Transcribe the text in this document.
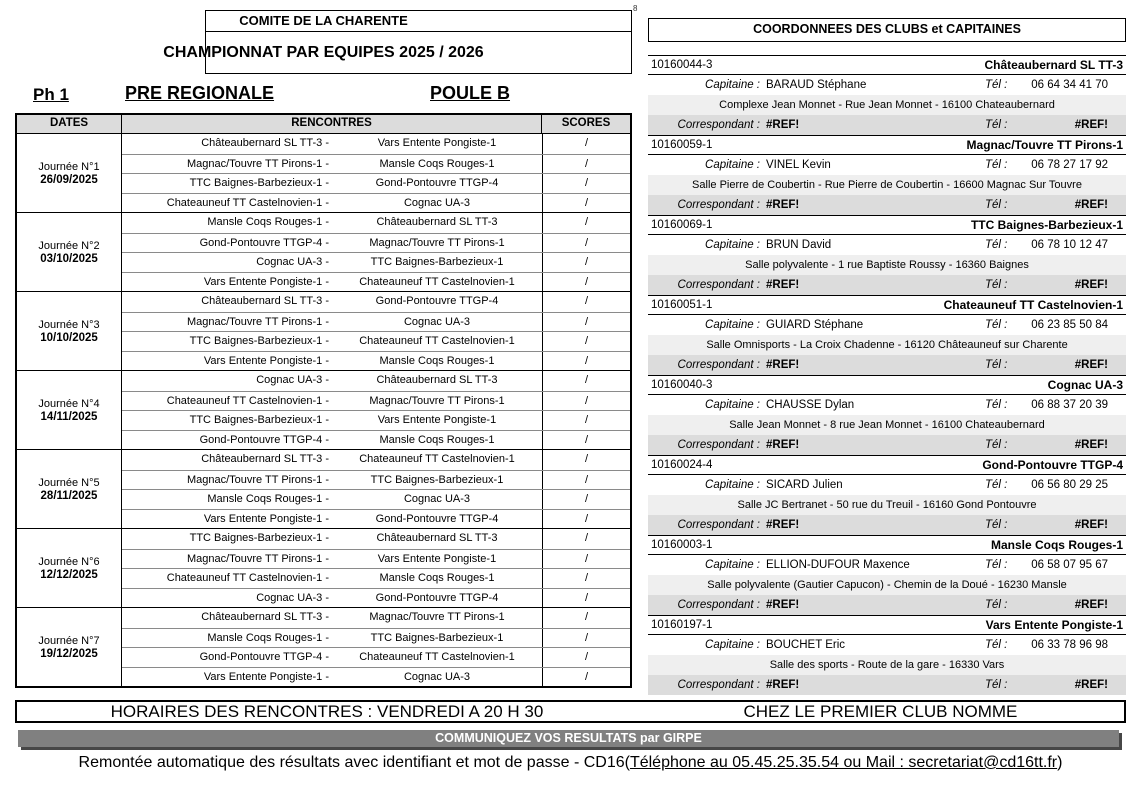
8
COMITE DE LA CHARENTE
CHAMPIONNAT PAR EQUIPES 2025 / 2026
Ph 1	PRE REGIONALE	POULE B
DATES	RENCONTRES	SCORES
Journée N°1
26/09/2025
Châteaubernard SL TT-3 -	Vars Entente Pongiste-1	/
Magnac/Touvre TT Pirons-1 -	Mansle Coqs Rouges-1	/
TTC Baignes-Barbezieux-1 -	Gond-Pontouvre TTGP-4	/
Chateauneuf TT Castelnovien-1 -	Cognac UA-3	/
Journée N°2
03/10/2025
Mansle Coqs Rouges-1 -	Châteaubernard SL TT-3	/
Gond-Pontouvre TTGP-4 -	Magnac/Touvre TT Pirons-1	/
Cognac UA-3 -	TTC Baignes-Barbezieux-1	/
Vars Entente Pongiste-1 -	Chateauneuf TT Castelnovien-1	/
Journée N°3
10/10/2025
Châteaubernard SL TT-3 -	Gond-Pontouvre TTGP-4	/
Magnac/Touvre TT Pirons-1 -	Cognac UA-3	/
TTC Baignes-Barbezieux-1 -	Chateauneuf TT Castelnovien-1	/
Vars Entente Pongiste-1 -	Mansle Coqs Rouges-1	/
Journée N°4
14/11/2025
Cognac UA-3 -	Châteaubernard SL TT-3	/
Chateauneuf TT Castelnovien-1 -	Magnac/Touvre TT Pirons-1	/
TTC Baignes-Barbezieux-1 -	Vars Entente Pongiste-1	/
Gond-Pontouvre TTGP-4 -	Mansle Coqs Rouges-1	/
Journée N°5
28/11/2025
Châteaubernard SL TT-3 -	Chateauneuf TT Castelnovien-1	/
Magnac/Touvre TT Pirons-1 -	TTC Baignes-Barbezieux-1	/
Mansle Coqs Rouges-1 -	Cognac UA-3	/
Vars Entente Pongiste-1 -	Gond-Pontouvre TTGP-4	/
Journée N°6
12/12/2025
TTC Baignes-Barbezieux-1 -	Châteaubernard SL TT-3	/
Magnac/Touvre TT Pirons-1 -	Vars Entente Pongiste-1	/
Chateauneuf TT Castelnovien-1 -	Mansle Coqs Rouges-1	/
Cognac UA-3 -	Gond-Pontouvre TTGP-4	/
Journée N°7
19/12/2025
Châteaubernard SL TT-3 -	Magnac/Touvre TT Pirons-1	/
Mansle Coqs Rouges-1 -	TTC Baignes-Barbezieux-1	/
Gond-Pontouvre TTGP-4 -	Chateauneuf TT Castelnovien-1	/
Vars Entente Pongiste-1 -	Cognac UA-3	/
COORDONNEES DES CLUBS et CAPITAINES
10160044-3	Châteaubernard SL TT-3
Capitaine : BARAUD Stéphane	Tél :	06 64 34 41 70
Complexe Jean Monnet - Rue Jean Monnet - 16100 Chateaubernard
Correspondant : #REF!	Tél :	#REF!
10160059-1	Magnac/Touvre TT Pirons-1
Capitaine : VINEL Kevin	Tél :	06 78 27 17 92
Salle Pierre de Coubertin - Rue Pierre de Coubertin - 16600 Magnac Sur Touvre
Correspondant : #REF!	Tél :	#REF!
10160069-1	TTC Baignes-Barbezieux-1
Capitaine : BRUN David	Tél :	06 78 10 12 47
Salle polyvalente - 1 rue Baptiste Roussy - 16360 Baignes
Correspondant : #REF!	Tél :	#REF!
10160051-1	Chateauneuf TT Castelnovien-1
Capitaine : GUIARD Stéphane	Tél :	06 23 85 50 84
Salle Omnisports - La Croix Chadenne - 16120 Châteauneuf sur Charente
Correspondant : #REF!	Tél :	#REF!
10160040-3	Cognac UA-3
Capitaine : CHAUSSE Dylan	Tél :	06 88 37 20 39
Salle Jean Monnet - 8 rue Jean Monnet - 16100 Chateaubernard
Correspondant : #REF!	Tél :	#REF!
10160024-4	Gond-Pontouvre TTGP-4
Capitaine : SICARD Julien	Tél :	06 56 80 29 25
Salle JC Bertranet - 50 rue du Treuil - 16160 Gond Pontouvre
Correspondant : #REF!	Tél :	#REF!
10160003-1	Mansle Coqs Rouges-1
Capitaine : ELLION-DUFOUR Maxence	Tél :	06 58 07 95 67
Salle polyvalente (Gautier Capucon) - Chemin de la Doué - 16230 Mansle
Correspondant : #REF!	Tél :	#REF!
10160197-1	Vars Entente Pongiste-1
Capitaine : BOUCHET Eric	Tél :	06 33 78 96 98
Salle des sports - Route de la gare - 16330 Vars
Correspondant : #REF!	Tél :	#REF!
HORAIRES DES RENCONTRES : VENDREDI A 20 H 30	CHEZ LE PREMIER CLUB NOMME
COMMUNIQUEZ VOS RESULTATS par GIRPE
Remontée automatique des résultats avec identifiant et mot de passe - CD16(Téléphone au 05.45.25.35.54 ou Mail : secretariat@cd16tt.fr)
